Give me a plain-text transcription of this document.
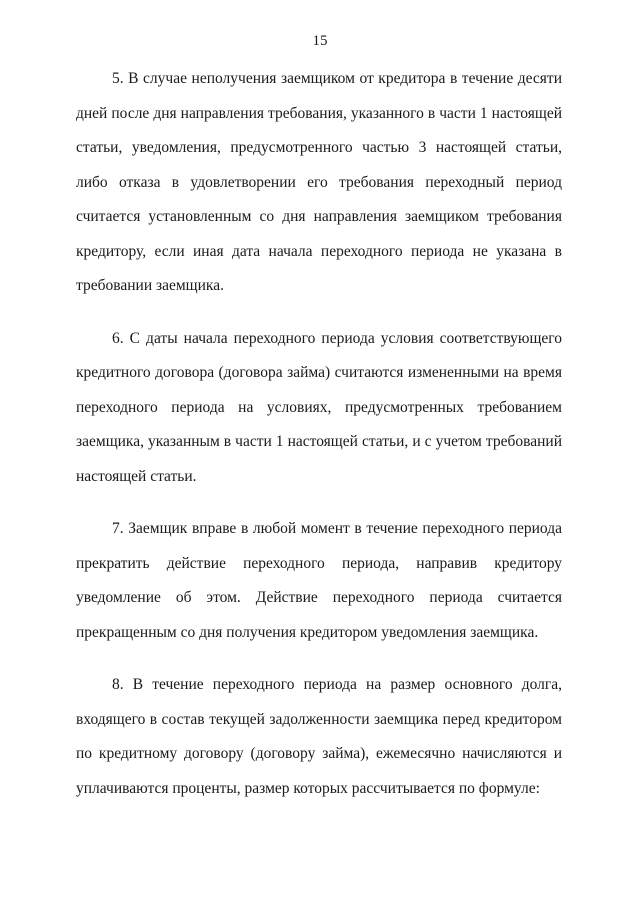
15

5. В случае неполучения заемщиком от кредитора в течение десяти дней после дня направления требования, указанного в части 1 настоящей статьи, уведомления, предусмотренного частью 3 настоящей статьи, либо отказа в удовлетворении его требования переходный период считается установленным со дня направления заемщиком требования кредитору, если иная дата начала переходного периода не указана в требовании заемщика.

6. С даты начала переходного периода условия соответствующего кредитного договора (договора займа) считаются измененными на время переходного периода на условиях, предусмотренных требованием заемщика, указанным в части 1 настоящей статьи, и с учетом требований настоящей статьи.

7. Заемщик вправе в любой момент в течение переходного периода прекратить действие переходного периода, направив кредитору уведомление об этом. Действие переходного периода считается прекращенным со дня получения кредитором уведомления заемщика.

8. В течение переходного периода на размер основного долга, входящего в состав текущей задолженности заемщика перед кредитором по кредитному договору (договору займа), ежемесячно начисляются и уплачиваются проценты, размер которых рассчитывается по формуле:
